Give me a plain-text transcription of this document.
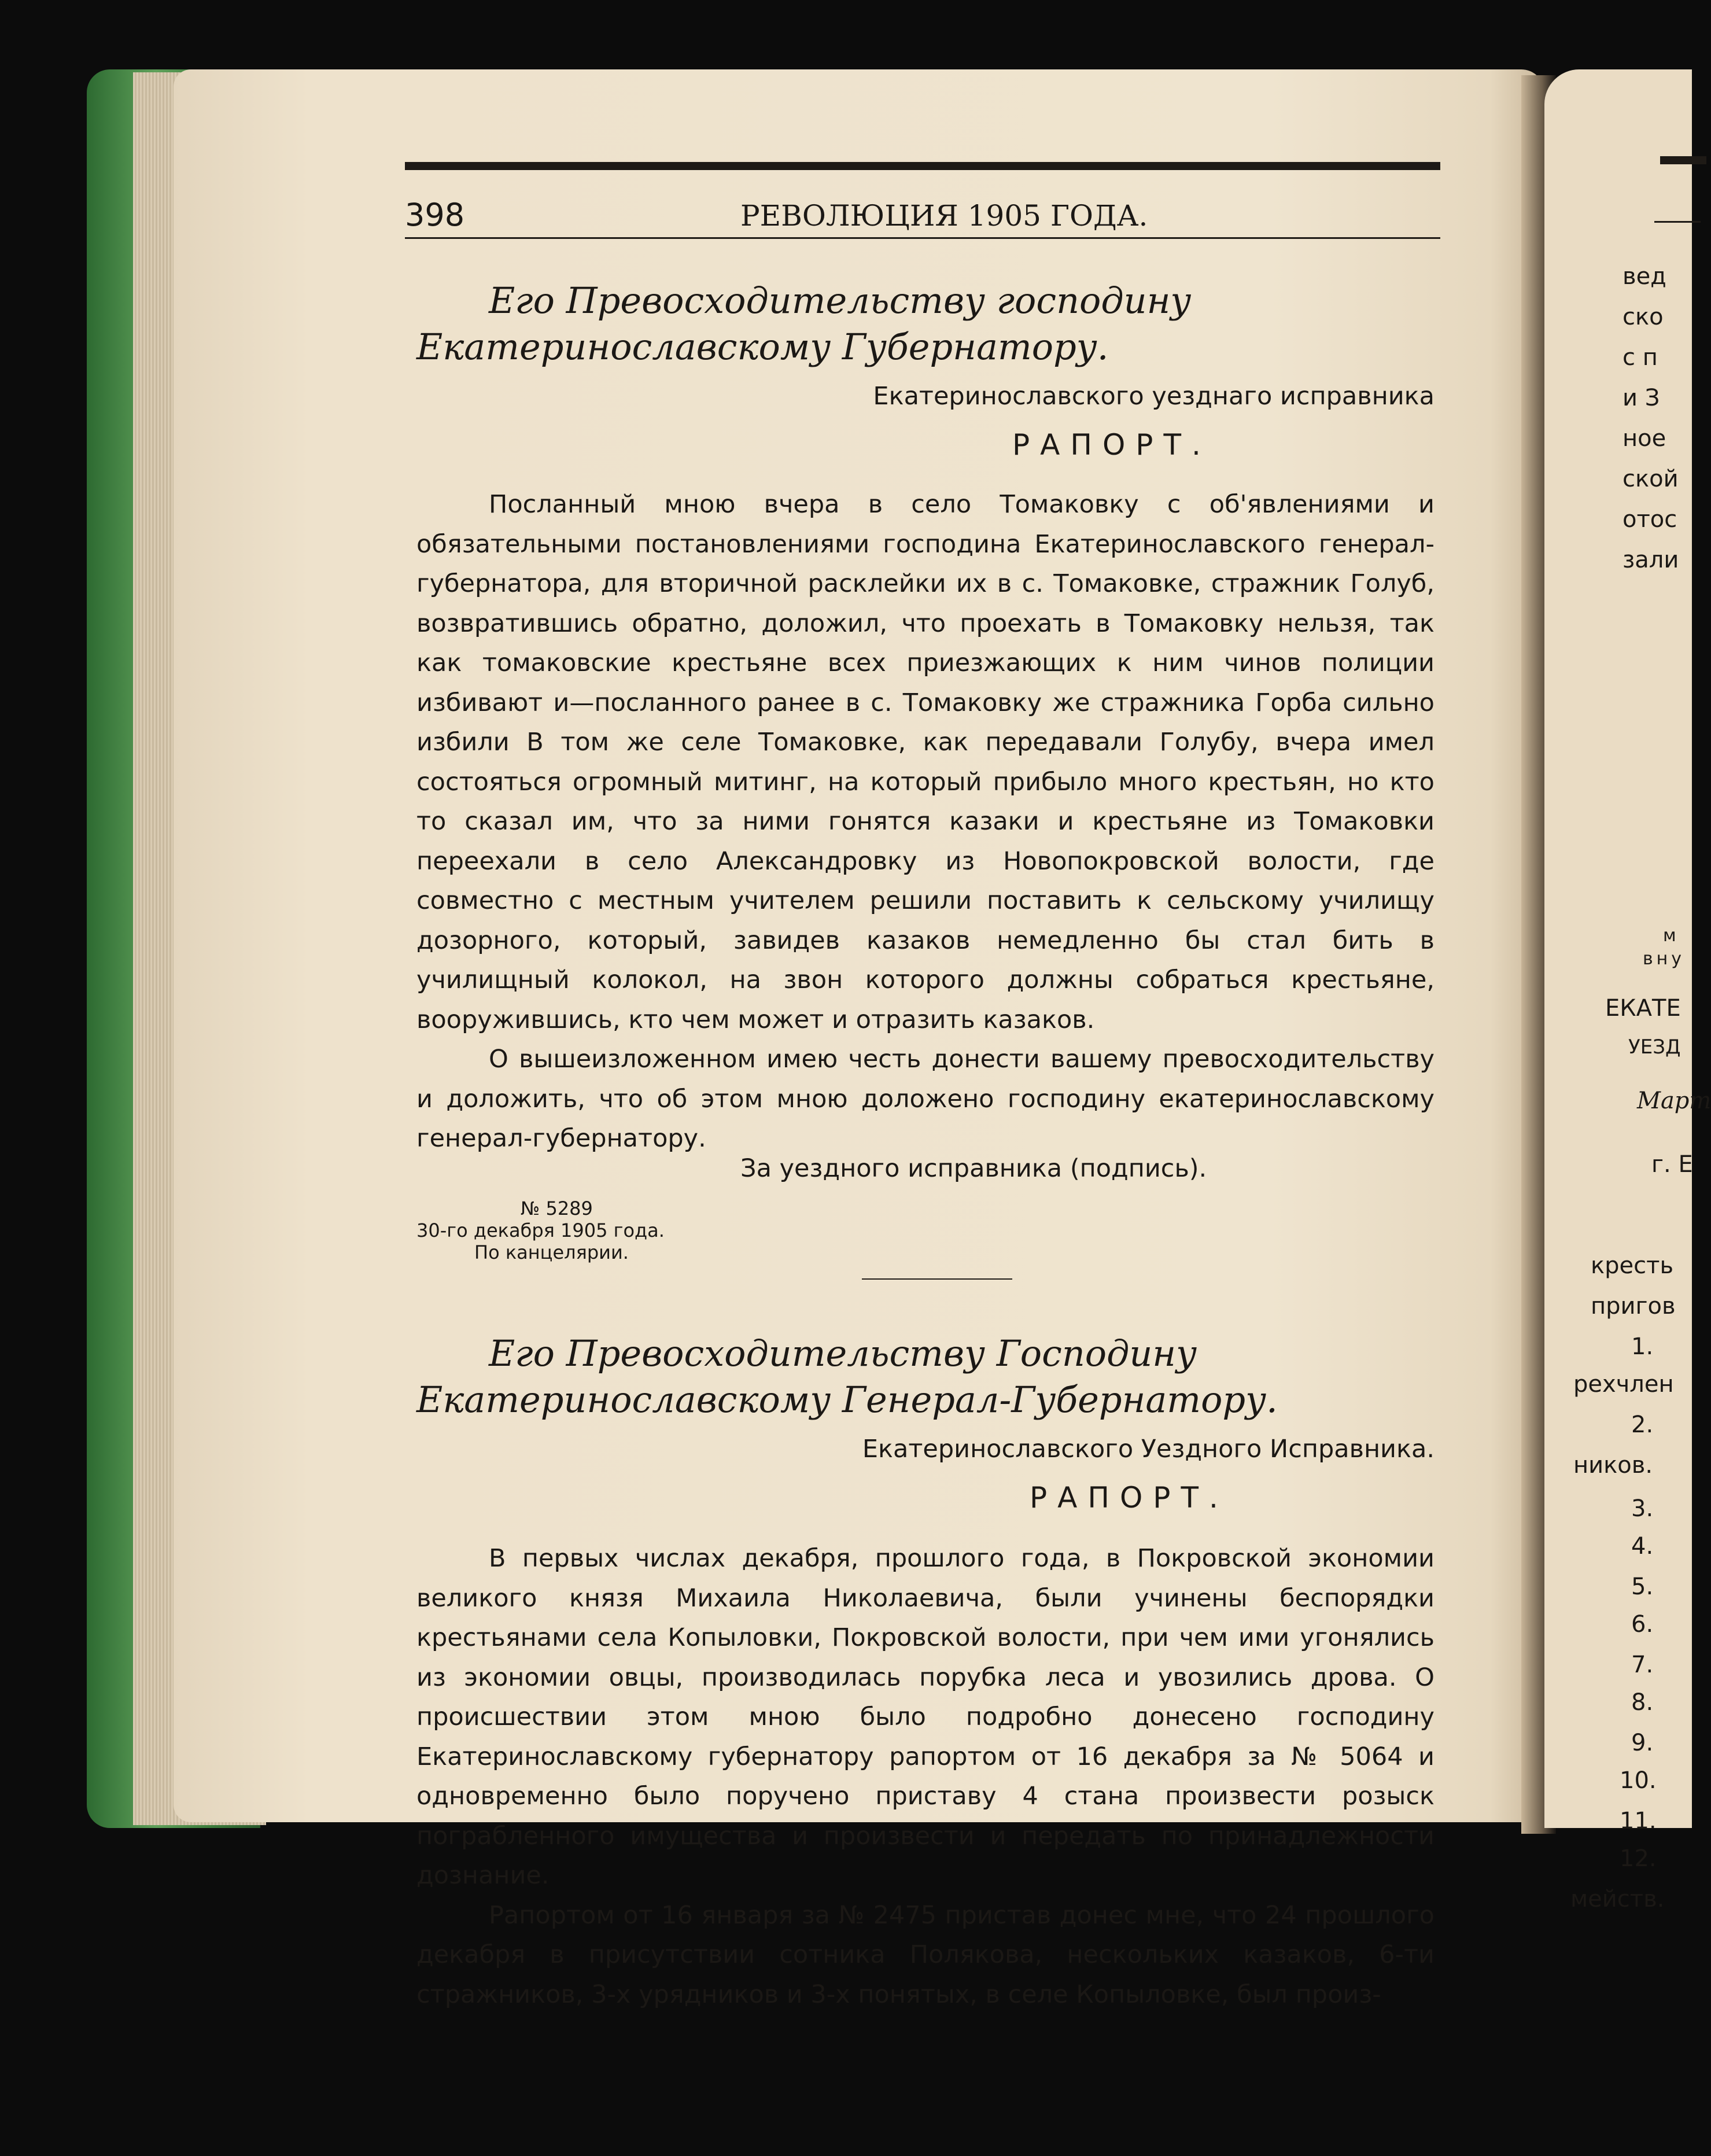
398	РЕВОЛЮЦИЯ 1905 ГОДА.
Его Превосходительству господину Екатеринославскому Губернатору.
Екатеринославского уезднаго исправника
РАПОРТ.

Посланный мною вчера в село Томаковку с об'явлениями и обязательными постановлениями господина Екатеринославского генерал-губернатора, для вторичной расклейки их в с. Томаковке, стражник Голуб, возвратившись обратно, доложил, что проехать в Томаковку нельзя, так как томаковские крестьяне всех приезжающих к ним чинов полиции избивают и—посланного ранее в с. Томаковку же стражника Горба сильно избили В том же селе Томаковке, как передавали Голубу, вчера имел состояться огромный митинг, на который прибыло много крестьян, но кто то сказал им, что за ними гонятся казаки и крестьяне из Томаковки переехали в село Александровку из Новопокровской волости, где совместно с местным учителем решили поставить к сельскому училищу дозорного, который, завидев казаков немедленно бы стал бить в училищный колокол, на звон которого должны собраться крестьяне, вооружившись, кто чем может и отразить казаков.

О вышеизложенном имею честь донести вашему превосходительству и доложить, что об этом мною доложено господину екатеринославскому генерал-губернатору.

За уездного исправника (подпись).
№ 5289
30-го декабря 1905 года.
По канцелярии.
Его Превосходительству Господину Екатеринославскому Генерал-Губернатору.
Екатеринославского Уездного Исправника.
РАПОРТ.

В первых числах декабря, прошлого года, в Покровской экономии великого князя Михаила Николаевича, были учинены беспорядки крестьянами села Копыловки, Покровской волости, при чем ими угонялись из экономии овцы, производилась порубка леса и увозились дрова. О происшествии этом мною было подробно донесено господину Екатеринославскому губернатору рапортом от 16 декабря за № 5064 и одновременно было поручено приставу 4 стана произвести розыск пограбленного имущества и произвести и передать по принадлежности дознание.

Рапортом от 16 января за № 2475 пристав донес мне, что 24 прошлого декабря в присутствии сотника Полякова, нескольких казаков, 6-ти стражников, 3-х урядников и 3-х понятых, в селе Копыловке, был произ-

вед
ско
с п
и З
ное
ской
отос
зали
м
вну
ЕКАТЕ
УЕЗД
Март
г. Е
кресть
пригов
1.
рехчлен
2.
ников.
3.
4.
5.
6.
7.
8.
9.
10.
11.
12.
мейств.
